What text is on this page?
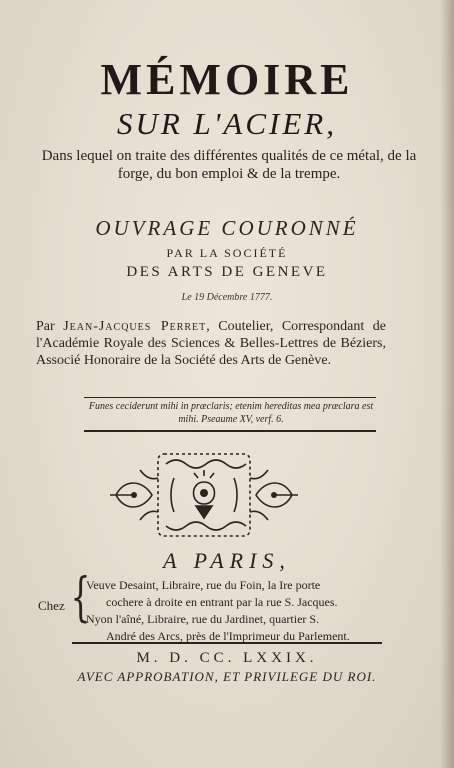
MÉMOIRE
SUR L'ACIER,
Dans lequel on traite des différentes qualités de ce métal, de la forge, du bon emploi & de la trempe.
OUVRAGE COURONNÉ
PAR LA SOCIÉTÉ
DES ARTS DE GENEVE
Le 19 Décembre 1777.
Par Jean-Jacques Perret, Coutelier, Correspondant de l'Académie Royale des Sciences & Belles-Lettres de Béziers, Associé Honoraire de la Société des Arts de Genève.
Funes ceciderunt mihi in præclaris; etenim hereditas mea præclara est mihi. Pseaume XV, verf. 6.
A PARIS,
Chez {

Veuve Desaint, Libraire, rue du Foin, la Ire porte

cochere à droite en entrant par la rue S. Jacques.

Nyon l'aîné, Libraire, rue du Jardinet, quartier S.

André des Arcs, près de l'Imprimeur du Parlement.

M. D. CC. LXXIX.
AVEC APPROBATION, ET PRIVILEGE DU ROI.
